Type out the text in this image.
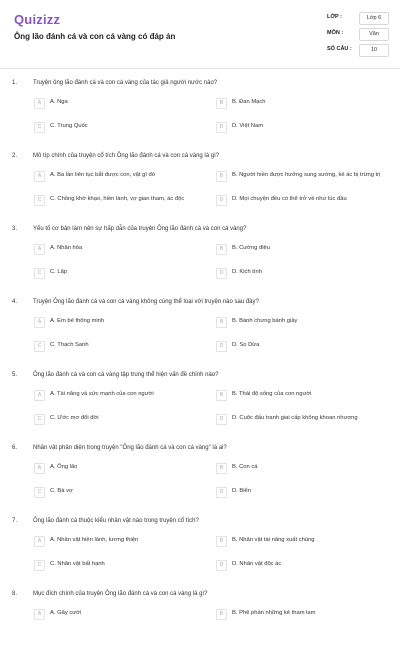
Quizizz
Ông lão đánh cá và con cá vàng có đáp án
LỚP :	Lớp 6
MÔN :	Văn
SỐ CÂU :	10
1.	Truyện ông lão đánh cá và con cá vàng của tác giả người nước nào?
A	A. Nga	B	B. Đan Mạch
C	C. Trung Quốc	D	D. Việt Nam
2.	Mô típ chính của truyện cổ tích Ông lão đánh cá và con cá vàng là gì?
A	A. Ba lần liên tục bắt được con, vật gì đó	B	B. Người hiền được hưởng sung sướng, kẻ ác bị trừng trị
C	C. Chồng khờ khạo, hiền lành, vợ gian tham, ác độc	D	D. Mọi chuyện đều có thể trở về như lúc đầu
3.	Yếu tố cơ bản làm nên sự hấp dẫn của truyện Ông lão đánh cá và con cá vàng?
A	A. Nhân hóa	B	B. Cường điệu
C	C. Lặp	D	D. Kịch tính
4.	Truyện Ông lão đánh cá và con cá vàng không cùng thể loại với truyện nào sau đây?
A	A. Em bé thông minh	B	B. Bánh chưng bánh giầy
C	C. Thạch Sanh	D	D. Sọ Dừa
5.	Ông lão đánh cá và con cá vàng tập trung thể hiện vấn đề chính nào?
A	A. Tài năng và sức mạnh của con người	B	B. Thái độ sống của con người
C	C. Ước mơ đổi đời	D	D. Cuộc đấu tranh giai cấp không khoan nhượng
6.	Nhân vật phản diện trong truyện "Ông lão đánh cá và con cá vàng" là ai?
A	A. Ông lão	B	B. Con cá
C	C. Bà vợ	D	D. Biển
7.	Ông lão đánh cá thuộc kiểu nhân vật nào trong truyện cổ tích?
A	A. Nhân vật hiền lành, lương thiện	B	B. Nhân vật tài năng xuất chúng
C	C. Nhân vật bất hạnh	D	D. Nhân vật độc ác
8.	Mục đích chính của truyện Ông lão đánh cá và con cá vàng là gì?
A	A. Gây cười	B	B. Phê phán những kẻ tham lam
